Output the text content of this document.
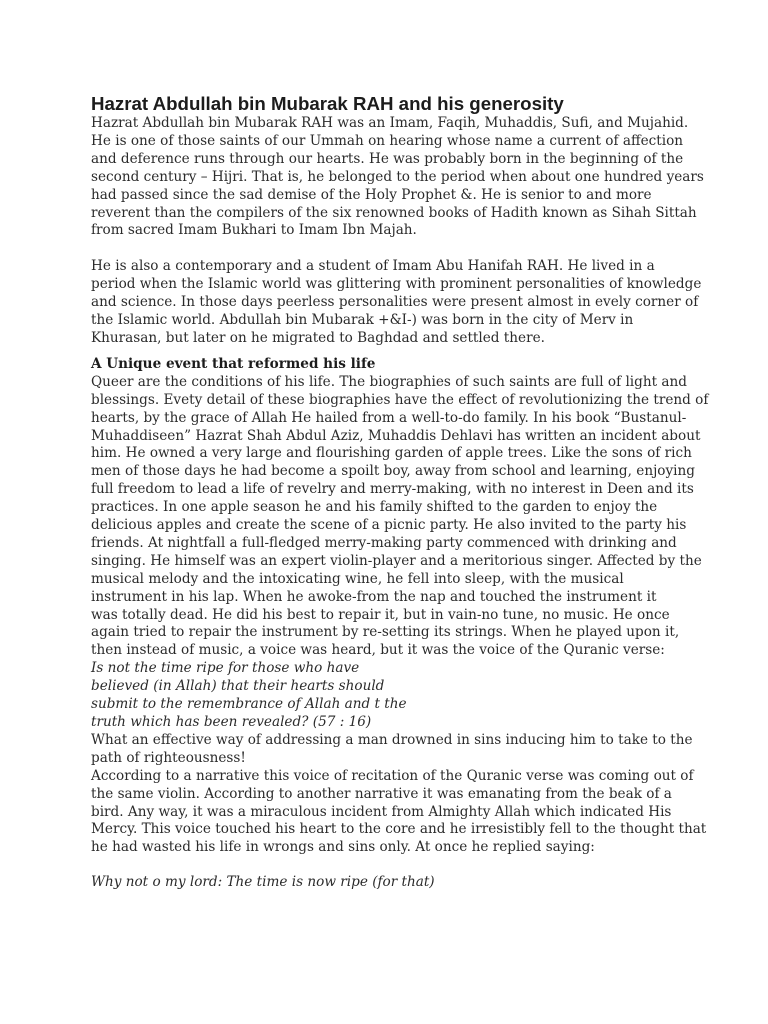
Hazrat Abdullah bin Mubarak RAH and his generosity
Hazrat Abdullah bin Mubarak RAH was an Imam, Faqih, Muhaddis, Sufi, and Mujahid.
He is one of those saints of our Ummah on hearing whose name a current of affection
and deference runs through our hearts. He was probably born in the beginning of the
second century – Hijri. That is, he belonged to the period when about one hundred years
had passed since the sad demise of the Holy Prophet &. He is senior to and more
reverent than the compilers of the six renowned books of Hadith known as Sihah Sittah
from sacred Imam Bukhari to Imam Ibn Majah.
He is also a contemporary and a student of Imam Abu Hanifah RAH. He lived in a
period when the Islamic world was glittering with prominent personalities of knowledge
and science. In those days peerless personalities were present almost in evely corner of
the Islamic world. Abdullah bin Mubarak +&I-) was born in the city of Merv in
Khurasan, but later on he migrated to Baghdad and settled there.
A Unique event that reformed his life
Queer are the conditions of his life. The biographies of such saints are full of light and
blessings. Evety detail of these biographies have the effect of revolutionizing the trend of
hearts, by the grace of Allah He hailed from a well-to-do family. In his book “Bustanul-
Muhaddiseen” Hazrat Shah Abdul Aziz, Muhaddis Dehlavi has written an incident about
him. He owned a very large and flourishing garden of apple trees. Like the sons of rich
men of those days he had become a spoilt boy, away from school and learning, enjoying
full freedom to lead a life of revelry and merry-making, with no interest in Deen and its
practices. In one apple season he and his family shifted to the garden to enjoy the
delicious apples and create the scene of a picnic party. He also invited to the party his
friends. At nightfall a full-fledged merry-making party commenced with drinking and
singing. He himself was an expert violin-player and a meritorious singer. Affected by the
musical melody and the intoxicating wine, he fell into sleep, with the musical
instrument in his lap. When he awoke-from the nap and touched the instrument it
was totally dead. He did his best to repair it, but in vain-no tune, no music. He once
again tried to repair the instrument by re-setting its strings. When he played upon it,
then instead of music, a voice was heard, but it was the voice of the Quranic verse:
Is not the time ripe for those who have
believed (in Allah) that their hearts should
submit to the remembrance of Allah and t the
truth which has been revealed? (57 : 16)
What an effective way of addressing a man drowned in sins inducing him to take to the
path of righteousness!
According to a narrative this voice of recitation of the Quranic verse was coming out of
the same violin. According to another narrative it was emanating from the beak of a
bird. Any way, it was a miraculous incident from Almighty Allah which indicated His
Mercy. This voice touched his heart to the core and he irresistibly fell to the thought that
he had wasted his life in wrongs and sins only. At once he replied saying:
Why not o my lord: The time is now ripe (for that)
